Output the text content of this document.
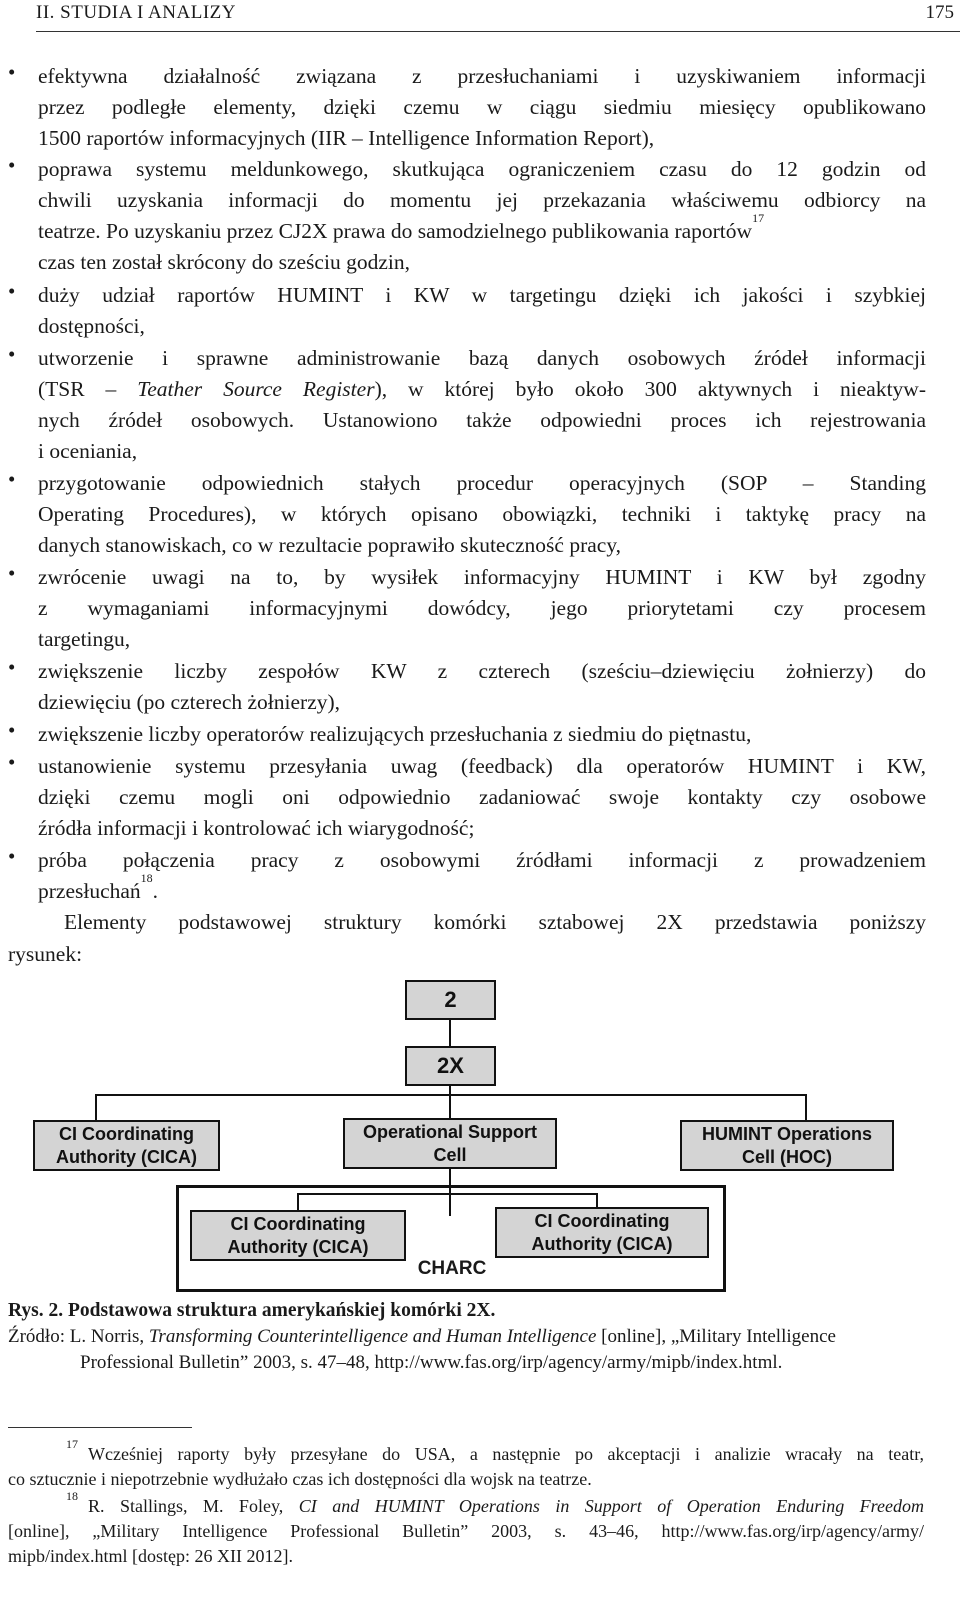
II. STUDIA I ANALIZY	175
• efektywna działalność związana z przesłuchaniami i uzyskiwaniem informacji
przez podległe elementy, dzięki czemu w ciągu siedmiu miesięcy opublikowano
1500 raportów informacyjnych (IIR – Intelligence Information Report),
• poprawa systemu meldunkowego, skutkująca ograniczeniem czasu do 12 godzin od
chwili uzyskania informacji do momentu jej przekazania właściwemu odbiorcy na
teatrze. Po uzyskaniu przez CJ2X prawa do samodzielnego publikowania raportów$^{17}$
czas ten został skrócony do sześciu godzin,
• duży udział raportów HUMINT i KW w targetingu dzięki ich jakości i szybkiej
dostępności,
• utworzenie i sprawne administrowanie bazą danych osobowych źródeł informacji
(TSR – Teather Source Register), w której było około 300 aktywnych i nieaktyw-
nych źródeł osobowych. Ustanowiono także odpowiedni proces ich rejestrowania
i oceniania,
• przygotowanie odpowiednich stałych procedur operacyjnych (SOP – Standing
Operating Procedures), w których opisano obowiązki, techniki i taktykę pracy na
danych stanowiskach, co w rezultacie poprawiło skuteczność pracy,
• zwrócenie uwagi na to, by wysiłek informacyjny HUMINT i KW był zgodny
z wymaganiami informacyjnymi dowódcy, jego priorytetami czy procesem
targetingu,
• zwiększenie liczby zespołów KW z czterech (sześciu–dziewięciu żołnierzy) do
dziewięciu (po czterech żołnierzy),
• zwiększenie liczby operatorów realizujących przesłuchania z siedmiu do piętnastu,
• ustanowienie systemu przesyłania uwag (feedback) dla operatorów HUMINT i KW,
dzięki czemu mogli oni odpowiednio zadaniować swoje kontakty czy osobowe
źródła informacji i kontrolować ich wiarygodność;
• próba połączenia pracy z osobowymi źródłami informacji z prowadzeniem
przesłuchań$^{18}$.
Elementy podstawowej struktury komórki sztabowej 2X przedstawia poniższy
rysunek:
2
2X
CI Coordinating
Authority (CICA)
Operational Support
Cell
HUMINT Operations
Cell (HOC)
CI Coordinating
Authority (CICA)
CI Coordinating
Authority (CICA)
CHARC
Rys. 2. Podstawowa struktura amerykańskiej komórki 2X.
Źródło: L. Norris, Transforming Counterintelligence and Human Intelligence [online], „Military Intelligence
Professional Bulletin” 2003, s. 47–48, http://www.fas.org/irp/agency/army/mipb/index.html.
17 Wcześniej raporty były przesyłane do USA, a następnie po akceptacji i analizie wracały na teatr,
co sztucznie i niepotrzebnie wydłużało czas ich dostępności dla wojsk na teatrze.
18 R. Stallings, M. Foley, CI and HUMINT Operations in Support of Operation Enduring Freedom
[online], „Military Intelligence Professional Bulletin” 2003, s. 43–46, http://www.fas.org/irp/agency/army/
mipb/index.html [dostęp: 26 XII 2012].
